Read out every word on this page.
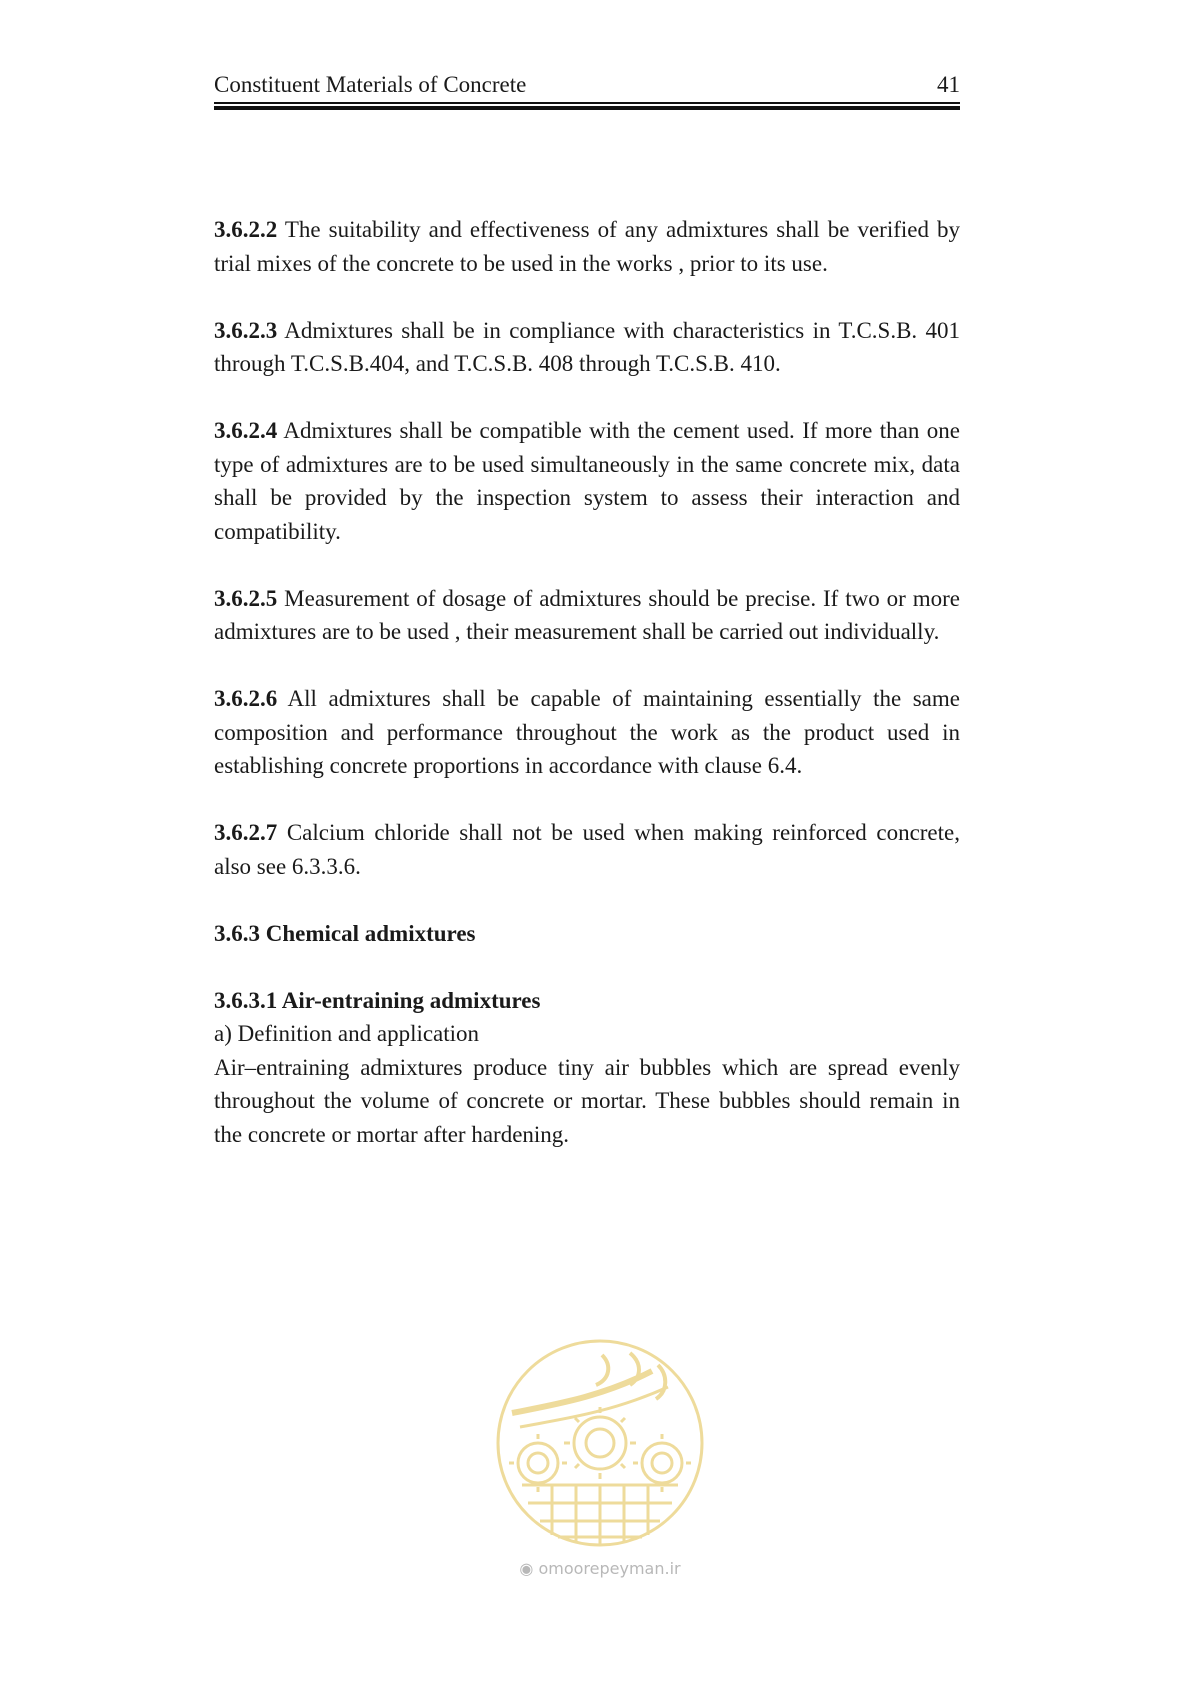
Constituent Materials of Concrete	41

3.6.2.2 The suitability and effectiveness of any admixtures shall be verified by trial mixes of the concrete to be used in the works , prior to its use.

3.6.2.3 Admixtures shall be in compliance with characteristics in T.C.S.B. 401 through T.C.S.B.404, and T.C.S.B. 408 through T.C.S.B. 410.

3.6.2.4 Admixtures shall be compatible with the cement used. If more than one type of admixtures are to be used simultaneously in the same concrete mix, data shall be provided by the inspection system to assess their interaction and compatibility.

3.6.2.5 Measurement of dosage of admixtures should be precise. If two or more admixtures are to be used , their measurement shall be carried out individually.

3.6.2.6 All admixtures shall be capable of maintaining essentially the same composition and performance throughout the work as the product used in establishing concrete proportions in accordance with clause 6.4.

3.6.2.7 Calcium chloride shall not be used when making reinforced concrete, also see 6.3.3.6.

3.6.3 Chemical admixtures

3.6.3.1 Air-entraining admixtures

a) Definition and application

Air–entraining admixtures produce tiny air bubbles which are spread evenly throughout the volume of concrete or mortar. These bubbles should remain in the concrete or mortar after hardening.

◉ omoorepeyman.ir
